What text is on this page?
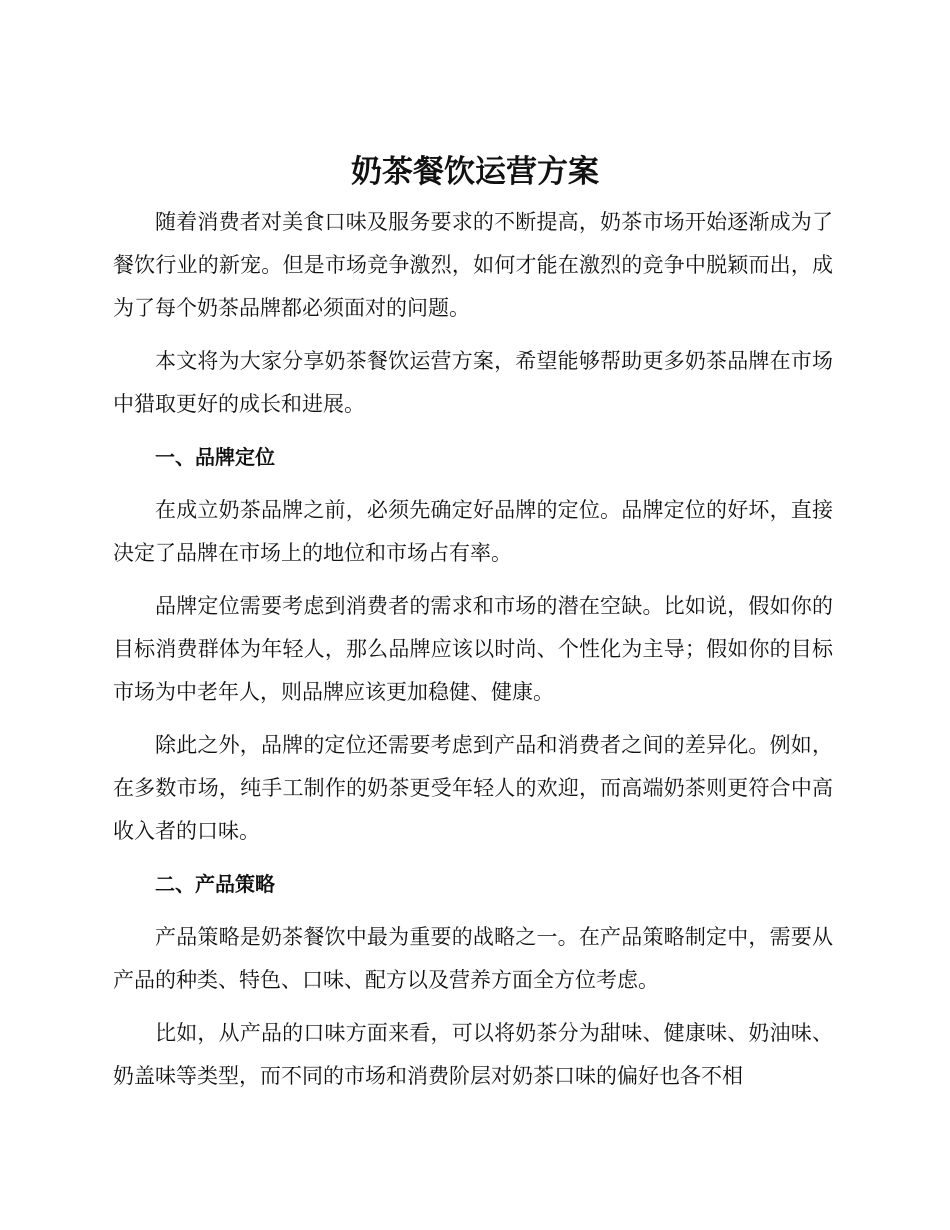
奶茶餐饮运营方案

随着消费者对美食口味及服务要求的不断提高，奶茶市场开始逐渐成为了餐饮行业的新宠。但是市场竞争激烈，如何才能在激烈的竞争中脱颖而出，成为了每个奶茶品牌都必须面对的问题。

本文将为大家分享奶茶餐饮运营方案，希望能够帮助更多奶茶品牌在市场中猎取更好的成长和进展。

一、品牌定位

在成立奶茶品牌之前，必须先确定好品牌的定位。品牌定位的好坏，直接决定了品牌在市场上的地位和市场占有率。

品牌定位需要考虑到消费者的需求和市场的潜在空缺。比如说，假如你的目标消费群体为年轻人，那么品牌应该以时尚、个性化为主导；假如你的目标市场为中老年人，则品牌应该更加稳健、健康。

除此之外，品牌的定位还需要考虑到产品和消费者之间的差异化。例如，在多数市场，纯手工制作的奶茶更受年轻人的欢迎，而高端奶茶则更符合中高收入者的口味。

二、产品策略

产品策略是奶茶餐饮中最为重要的战略之一。在产品策略制定中，需要从产品的种类、特色、口味、配方以及营养方面全方位考虑。

比如，从产品的口味方面来看，可以将奶茶分为甜味、健康味、奶油味、奶盖味等类型，而不同的市场和消费阶层对奶茶口味的偏好也各不相
